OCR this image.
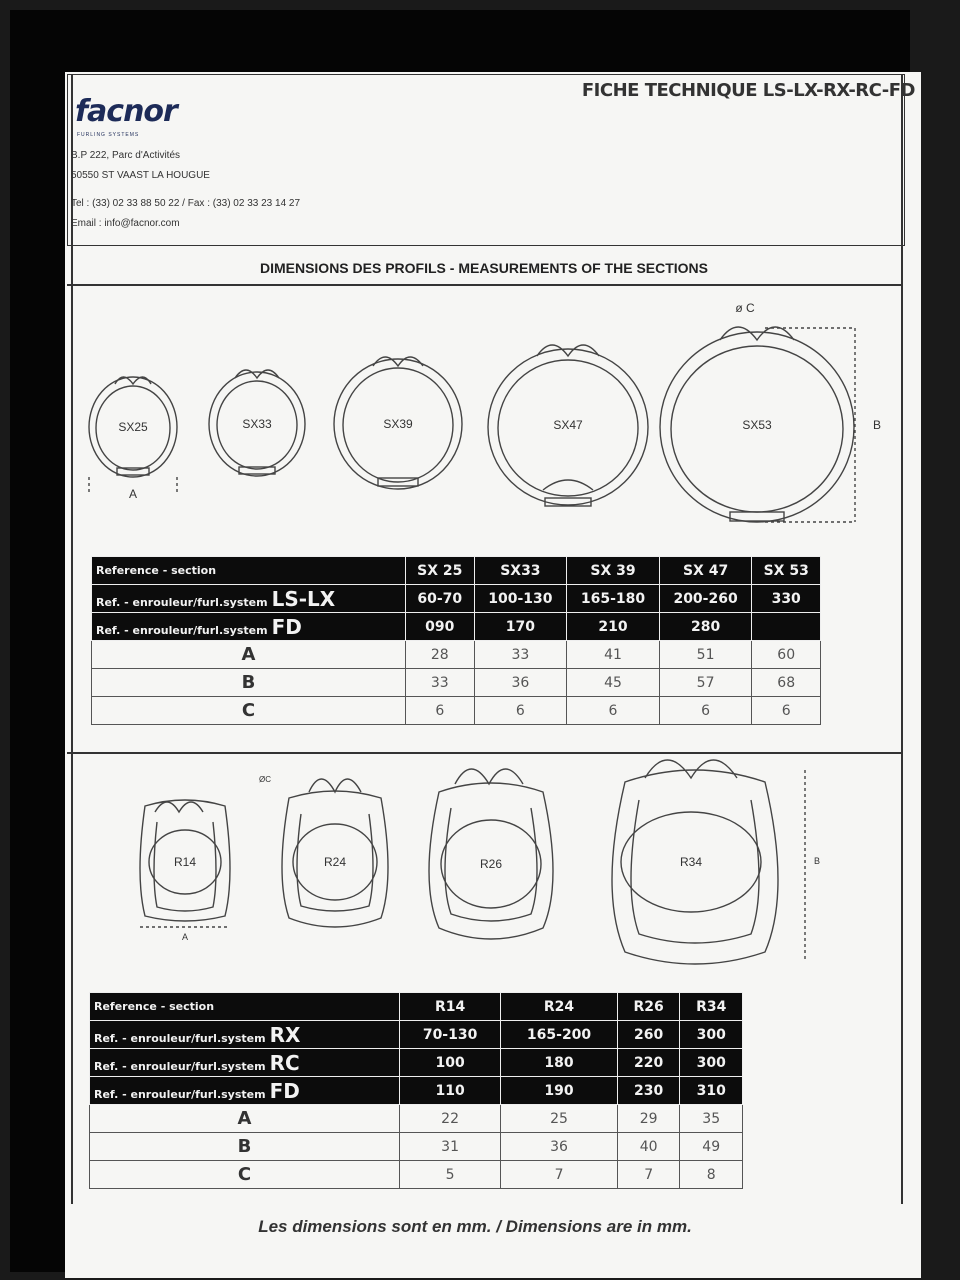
FICHE TECHNIQUE LS-LX-RX-RC-FD
facnor
FURLING SYSTEMS
B.P 222, Parc d'Activités
50550 ST VAAST LA HOUGUE
Tel : (33) 02 33 88 50 22 / Fax : (33) 02 33 23 14 27
Email : info@facnor.com
DIMENSIONS DES PROFILS - MEASUREMENTS OF THE SECTIONS
SX25	SX33	SX39	SX47	SX53
A
B
ø C
Reference - section	SX 25	SX33	SX 39	SX 47	SX 53
Ref. - enrouleur/furl.system LS-LX	60-70	100-130	165-180	200-260	330
Ref. - enrouleur/furl.system FD	090	170	210	280	
A	28	33	41	51	60
B	33	36	45	57	68
C	6	6	6	6	6
R14	R24	R26	R34
ØC
A
B
Reference - section	R14	R24	R26	R34
Ref. - enrouleur/furl.system RX	70-130	165-200	260	300
Ref. - enrouleur/furl.system RC	100	180	220	300
Ref. - enrouleur/furl.system FD	110	190	230	310
A	22	25	29	35
B	31	36	40	49
C	5	7	7	8
Les dimensions sont en mm. / Dimensions are in mm.
